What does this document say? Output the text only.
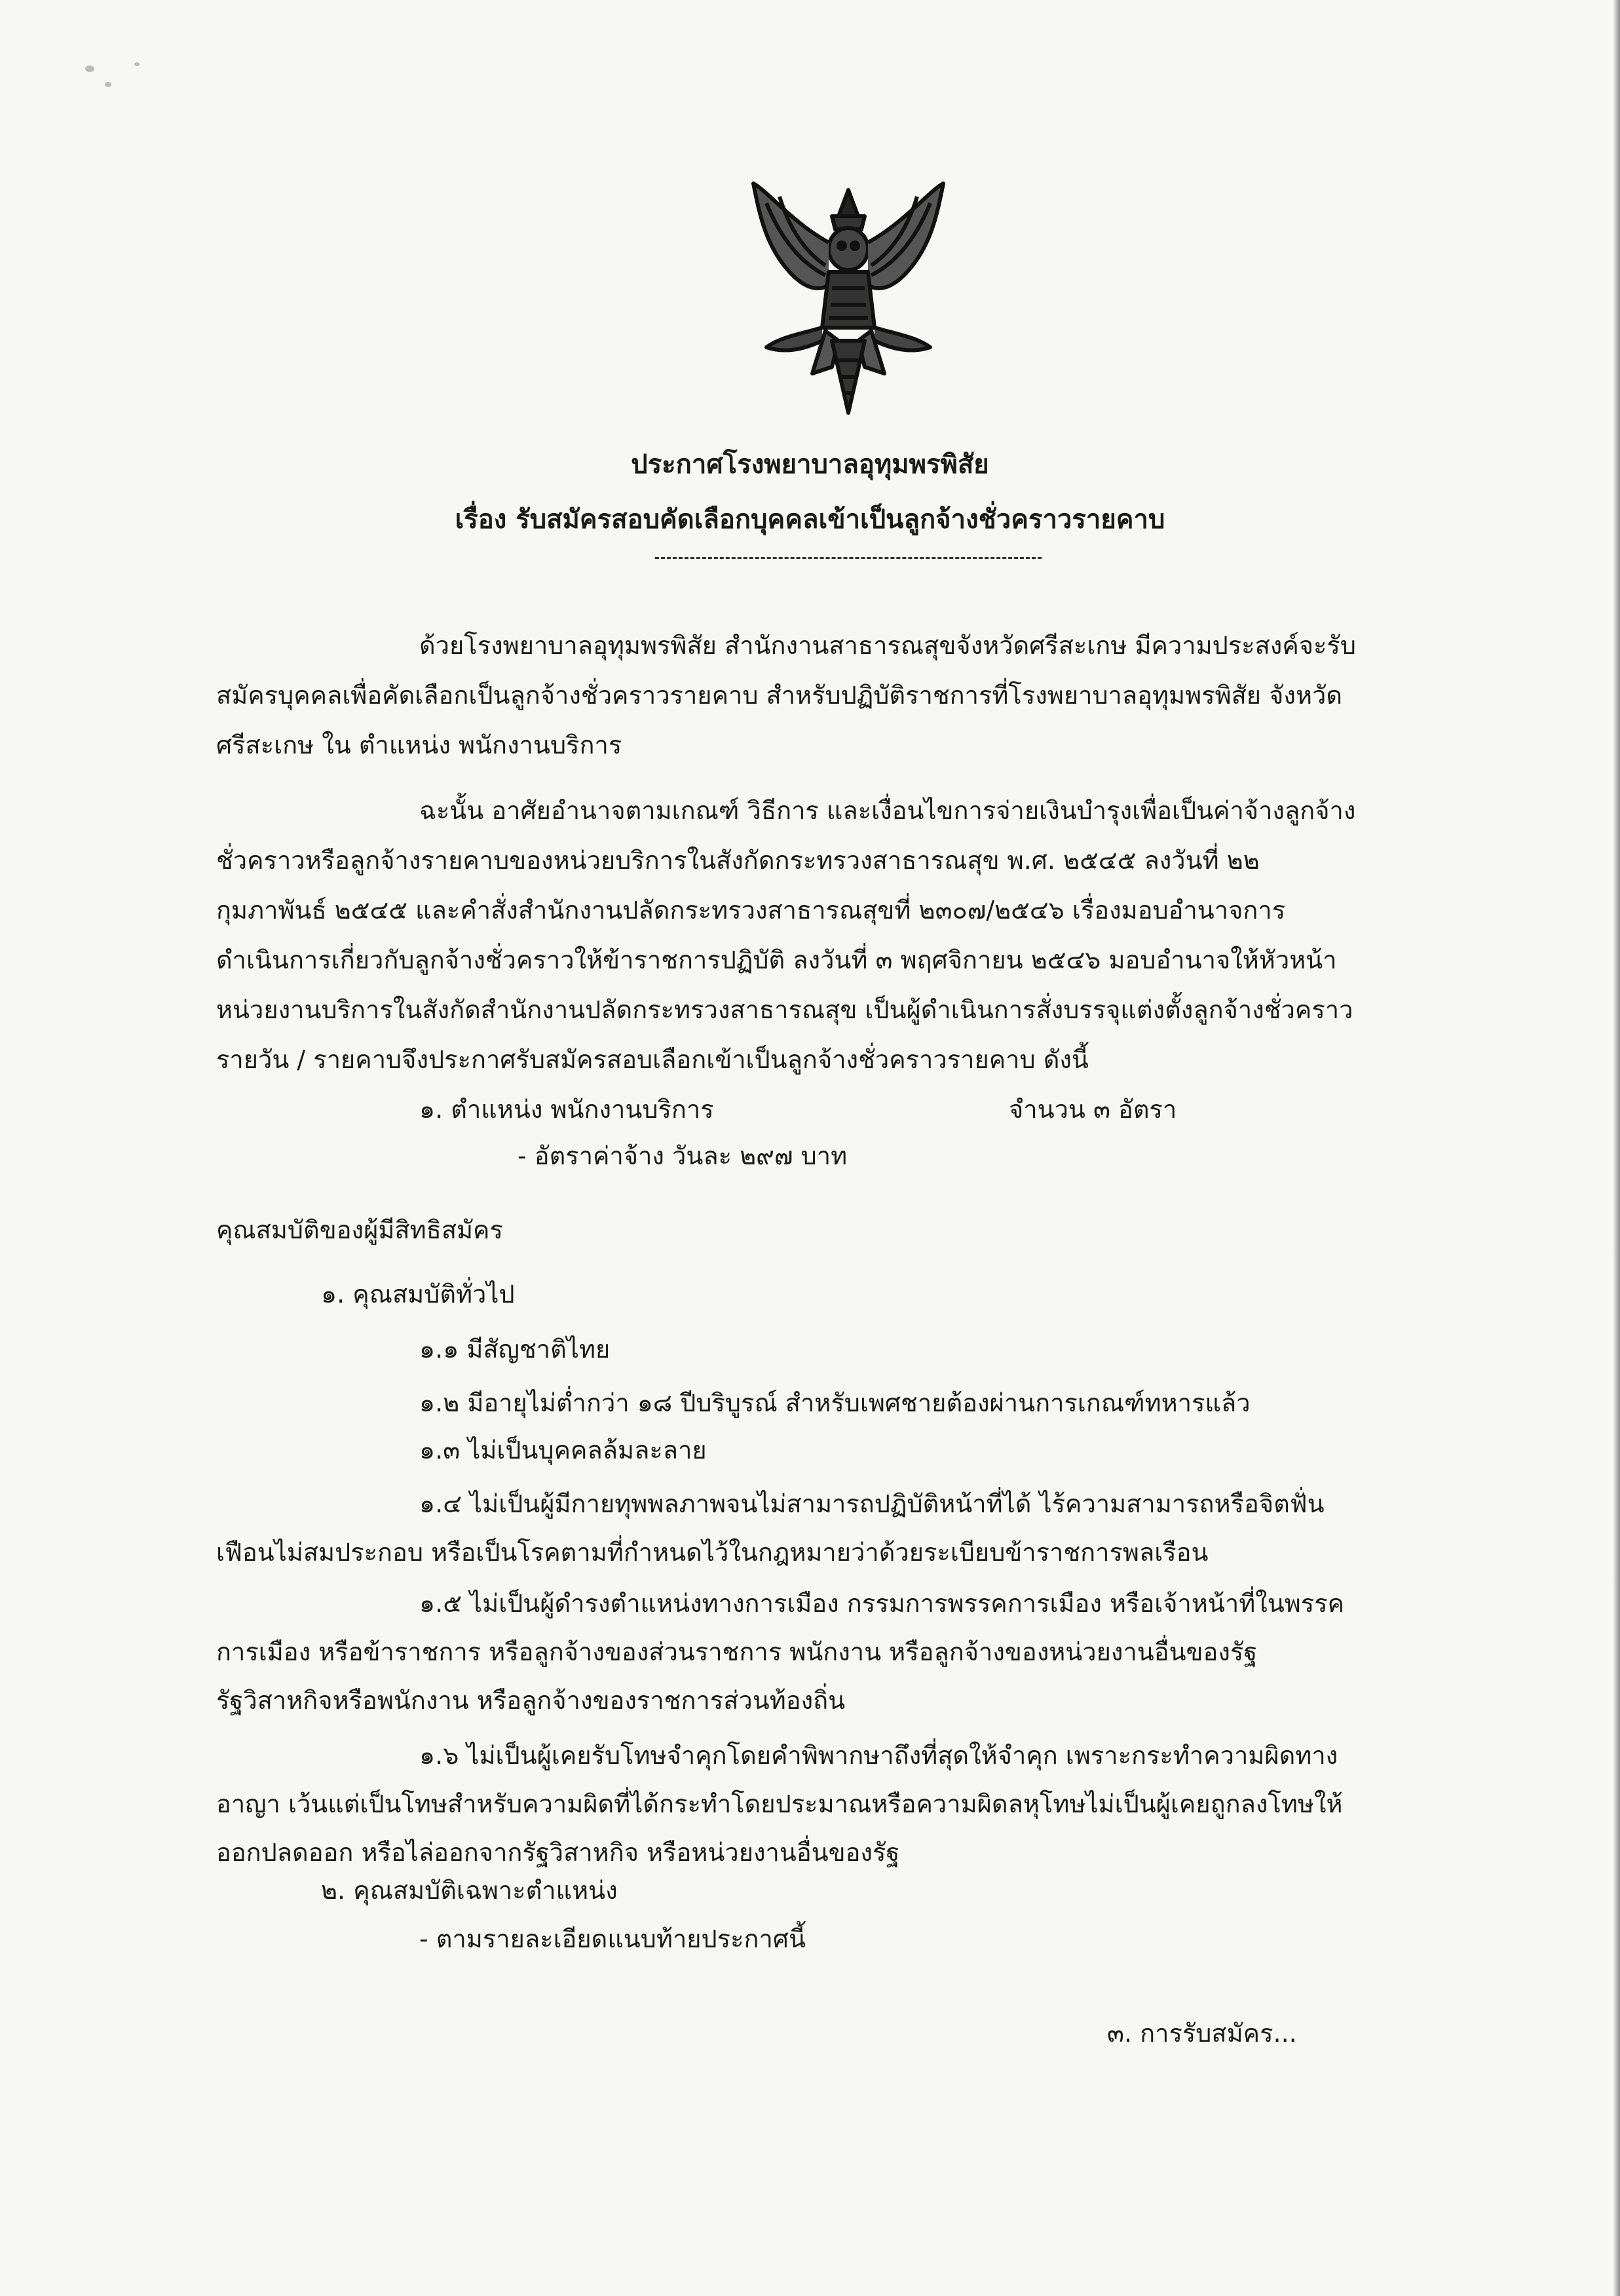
ประกาศโรงพยาบาลอุทุมพรพิสัย
เรื่อง รับสมัครสอบคัดเลือกบุคคลเข้าเป็นลูกจ้างชั่วคราวรายคาบ
ด้วยโรงพยาบาลอุทุมพรพิสัย สำนักงานสาธารณสุขจังหวัดศรีสะเกษ มีความประสงค์จะรับ
สมัครบุคคลเพื่อคัดเลือกเป็นลูกจ้างชั่วคราวรายคาบ สำหรับปฏิบัติราชการที่โรงพยาบาลอุทุมพรพิสัย จังหวัด
ศรีสะเกษ ใน ตำแหน่ง พนักงานบริการ
ฉะนั้น อาศัยอำนาจตามเกณฑ์ วิธีการ และเงื่อนไขการจ่ายเงินบำรุงเพื่อเป็นค่าจ้างลูกจ้าง
ชั่วคราวหรือลูกจ้างรายคาบของหน่วยบริการในสังกัดกระทรวงสาธารณสุข พ.ศ. ๒๕๔๕ ลงวันที่ ๒๒
กุมภาพันธ์ ๒๕๔๕ และคำสั่งสำนักงานปลัดกระทรวงสาธารณสุขที่ ๒๓๐๗/๒๕๔๖ เรื่องมอบอำนาจการ
ดำเนินการเกี่ยวกับลูกจ้างชั่วคราวให้ข้าราชการปฏิบัติ ลงวันที่ ๓ พฤศจิกายน ๒๕๔๖ มอบอำนาจให้หัวหน้า
หน่วยงานบริการในสังกัดสำนักงานปลัดกระทรวงสาธารณสุข เป็นผู้ดำเนินการสั่งบรรจุแต่งตั้งลูกจ้างชั่วคราว
รายวัน / รายคาบจึงประกาศรับสมัครสอบเลือกเข้าเป็นลูกจ้างชั่วคราวรายคาบ ดังนี้
๑. ตำแหน่ง พนักงานบริการ	จำนวน ๓ อัตรา
- อัตราค่าจ้าง วันละ ๒๙๗ บาท
คุณสมบัติของผู้มีสิทธิสมัคร
๑. คุณสมบัติทั่วไป
๑.๑ มีสัญชาติไทย
๑.๒ มีอายุไม่ต่ำกว่า ๑๘ ปีบริบูรณ์ สำหรับเพศชายต้องผ่านการเกณฑ์ทหารแล้ว
๑.๓ ไม่เป็นบุคคลล้มละลาย
๑.๔ ไม่เป็นผู้มีกายทุพพลภาพจนไม่สามารถปฏิบัติหน้าที่ได้ ไร้ความสามารถหรือจิตฟั่น
เฟือนไม่สมประกอบ หรือเป็นโรคตามที่กำหนดไว้ในกฎหมายว่าด้วยระเบียบข้าราชการพลเรือน
๑.๕ ไม่เป็นผู้ดำรงตำแหน่งทางการเมือง กรรมการพรรคการเมือง หรือเจ้าหน้าที่ในพรรค
การเมือง หรือข้าราชการ หรือลูกจ้างของส่วนราชการ พนักงาน หรือลูกจ้างของหน่วยงานอื่นของรัฐ
รัฐวิสาหกิจหรือพนักงาน หรือลูกจ้างของราชการส่วนท้องถิ่น
๑.๖ ไม่เป็นผู้เคยรับโทษจำคุกโดยคำพิพากษาถึงที่สุดให้จำคุก เพราะกระทำความผิดทาง
อาญา เว้นแต่เป็นโทษสำหรับความผิดที่ได้กระทำโดยประมาณหรือความผิดลหุโทษไม่เป็นผู้เคยถูกลงโทษให้
ออกปลดออก หรือไล่ออกจากรัฐวิสาหกิจ หรือหน่วยงานอื่นของรัฐ
๒. คุณสมบัติเฉพาะตำแหน่ง
- ตามรายละเอียดแนบท้ายประกาศนี้
๓. การรับสมัคร...
